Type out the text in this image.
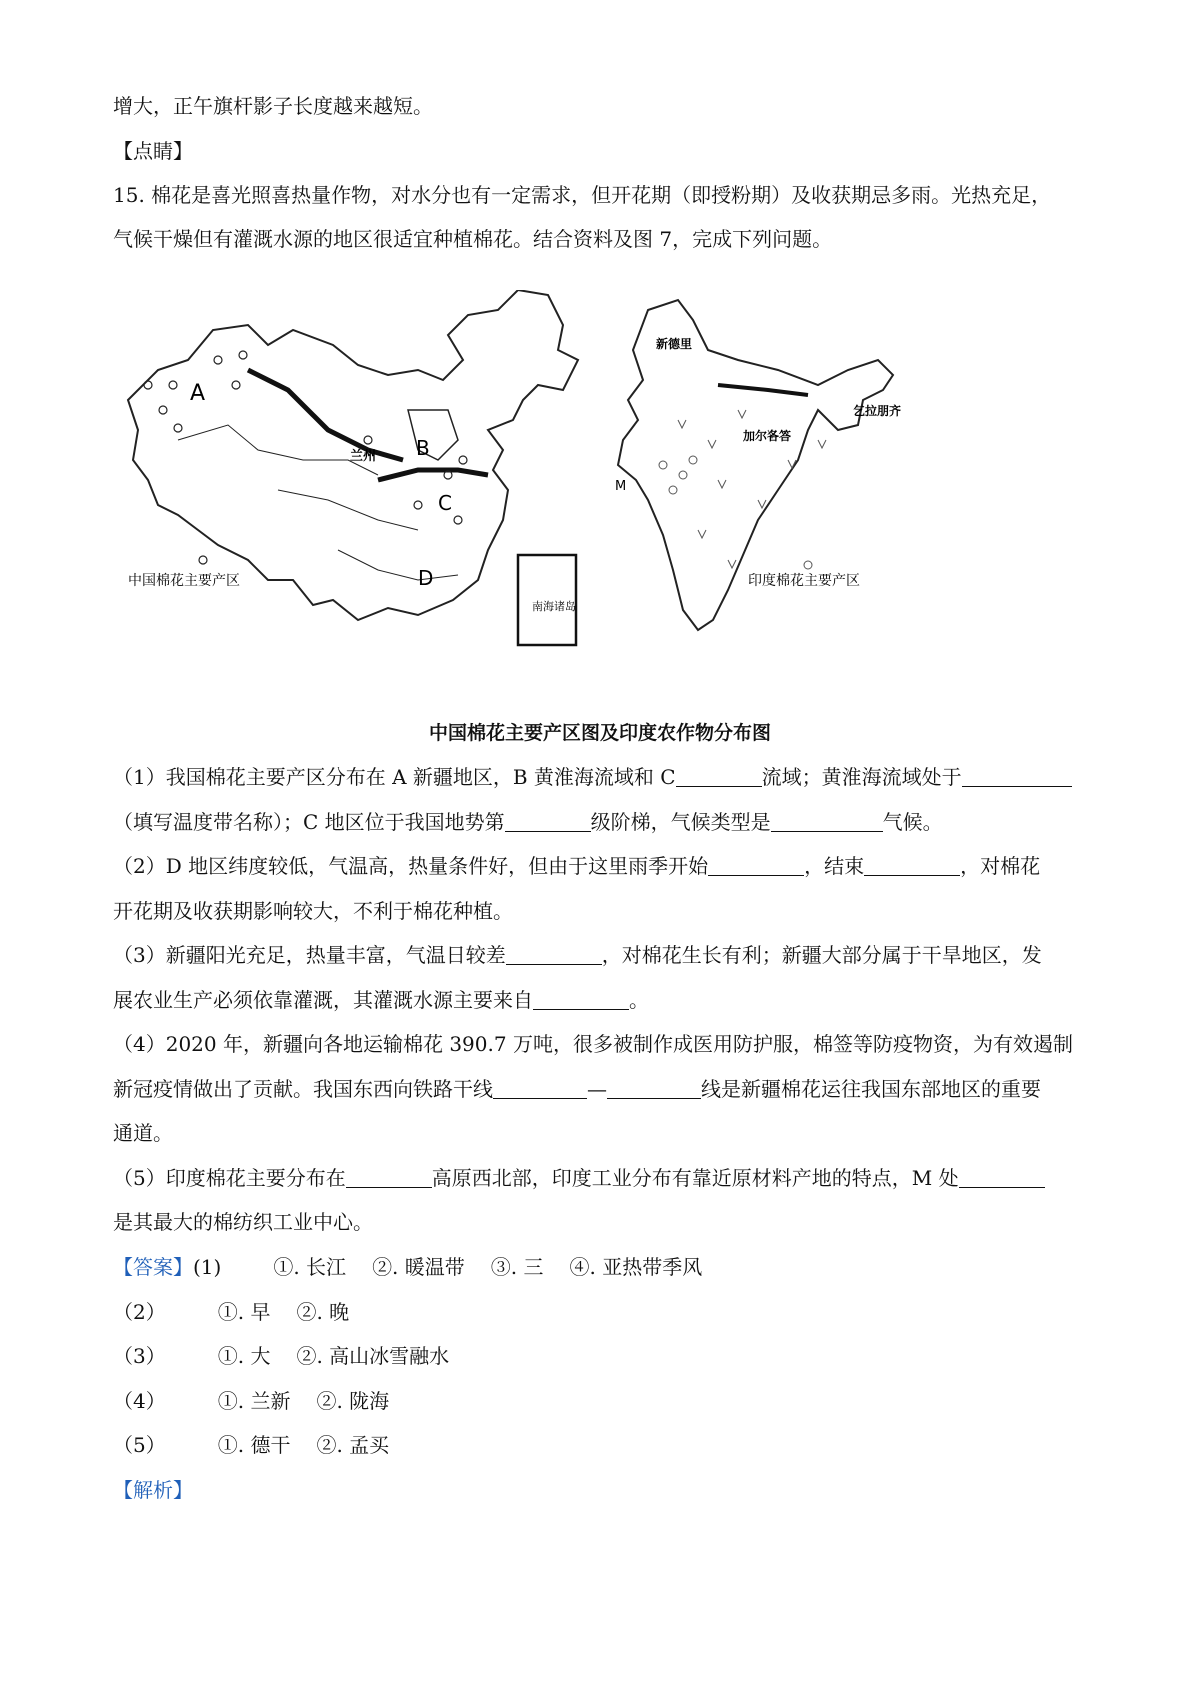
增大，正午旗杆影子长度越来越短。
【点睛】
15. 棉花是喜光照喜热量作物，对水分也有一定需求，但开花期（即授粉期）及收获期忌多雨。光热充足，
气候干燥但有灌溉水源的地区很适宜种植棉花。结合资料及图 7，完成下列问题。
南海诸岛
A
B
C
D
兰州
中国棉花主要产区
新德里
加尔各答
乞拉朋齐
M
印度棉花主要产区
中国棉花主要产区图及印度农作物分布图
（1）我国棉花主要产区分布在 A 新疆地区，B 黄淮海流域和 C	流域；黄淮海流域处于
（填写温度带名称）；C 地区位于我国地势第	级阶梯，气候类型是	气候。
（2）D 地区纬度较低，气温高，热量条件好，但由于这里雨季开始	，结束	，对棉花
开花期及收获期影响较大，不利于棉花种植。
（3）新疆阳光充足，热量丰富，气温日较差	，对棉花生长有利；新疆大部分属于干旱地区，发
展农业生产必须依靠灌溉，其灌溉水源主要来自	。
（4）2020 年，新疆向各地运输棉花 390.7 万吨，很多被制作成医用防护服，棉签等防疫物资，为有效遏制
新冠疫情做出了贡献。我国东西向铁路干线	—	线是新疆棉花运往我国东部地区的重要
通道。
（5）印度棉花主要分布在	高原西北部，印度工业分布有靠近原材料产地的特点，M 处
是其最大的棉纺织工业中心。
【答案】(1)	①. 长江 ②. 暖温带 ③. 三 ④. 亚热带季风
（2）	①. 早 ②. 晚
（3）	①. 大 ②. 高山冰雪融水
（4）	①. 兰新 ②. 陇海
（5）	①. 德干 ②. 孟买
【解析】
